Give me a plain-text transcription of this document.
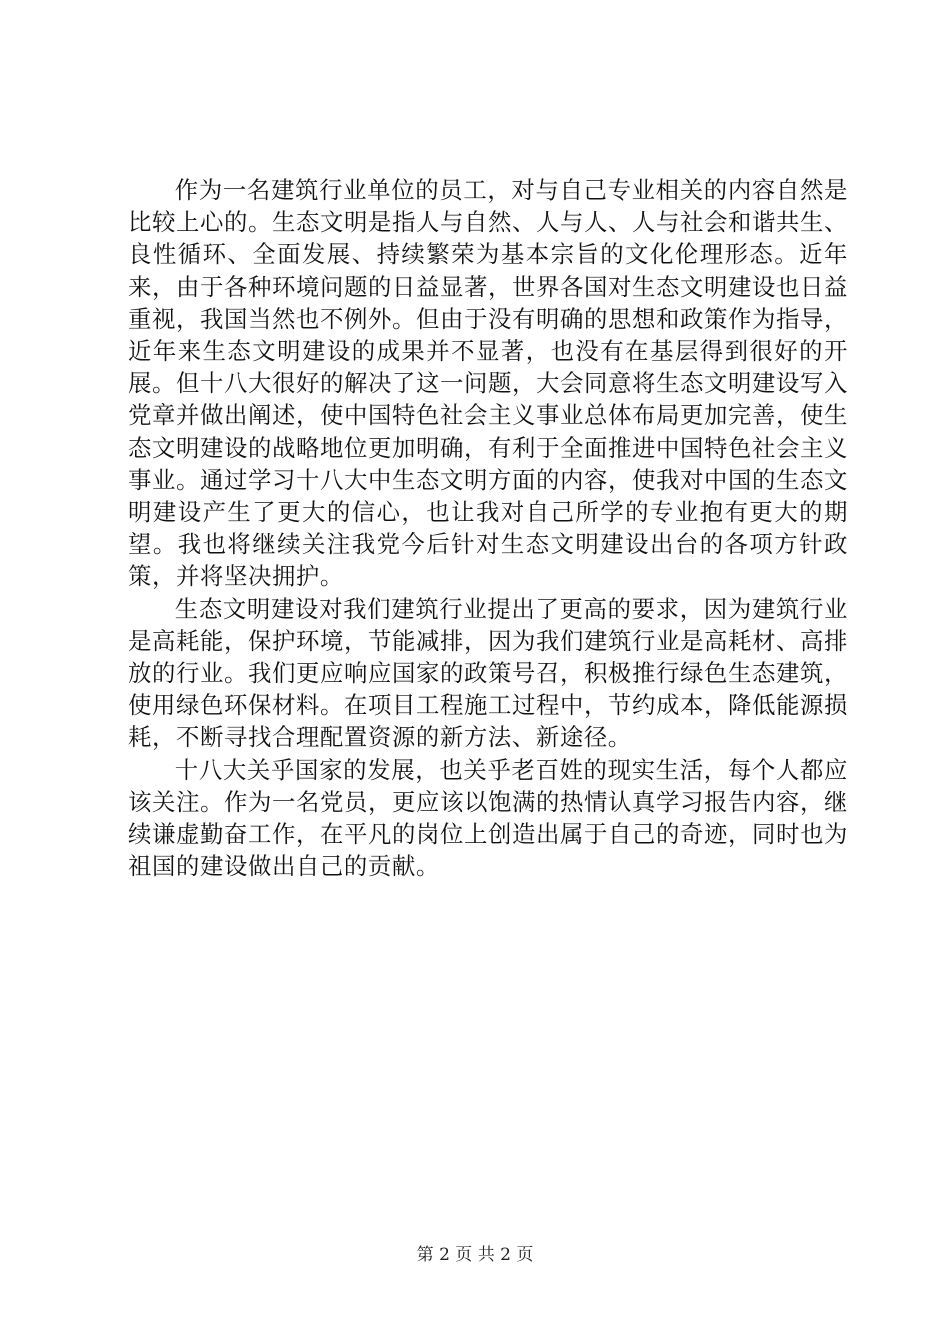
作为一名建筑行业单位的员工，对与自己专业相关的内容自然是比较上心的。生态文明是指人与自然、人与人、人与社会和谐共生、良性循环、全面发展、持续繁荣为基本宗旨的文化伦理形态。近年来，由于各种环境问题的日益显著，世界各国对生态文明建设也日益重视，我国当然也不例外。但由于没有明确的思想和政策作为指导，近年来生态文明建设的成果并不显著，也没有在基层得到很好的开展。但十八大很好的解决了这一问题，大会同意将生态文明建设写入党章并做出阐述，使中国特色社会主义事业总体布局更加完善，使生态文明建设的战略地位更加明确，有利于全面推进中国特色社会主义事业。通过学习十八大中生态文明方面的内容，使我对中国的生态文明建设产生了更大的信心，也让我对自己所学的专业抱有更大的期望。我也将继续关注我党今后针对生态文明建设出台的各项方针政策，并将坚决拥护。

生态文明建设对我们建筑行业提出了更高的要求，因为建筑行业是高耗能，保护环境，节能减排，因为我们建筑行业是高耗材、高排放的行业。我们更应响应国家的政策号召，积极推行绿色生态建筑，使用绿色环保材料。在项目工程施工过程中，节约成本，降低能源损耗，不断寻找合理配置资源的新方法、新途径。

十八大关乎国家的发展，也关乎老百姓的现实生活，每个人都应该关注。作为一名党员，更应该以饱满的热情认真学习报告内容，继续谦虚勤奋工作，在平凡的岗位上创造出属于自己的奇迹，同时也为祖国的建设做出自己的贡献。

第 2 页 共 2 页
